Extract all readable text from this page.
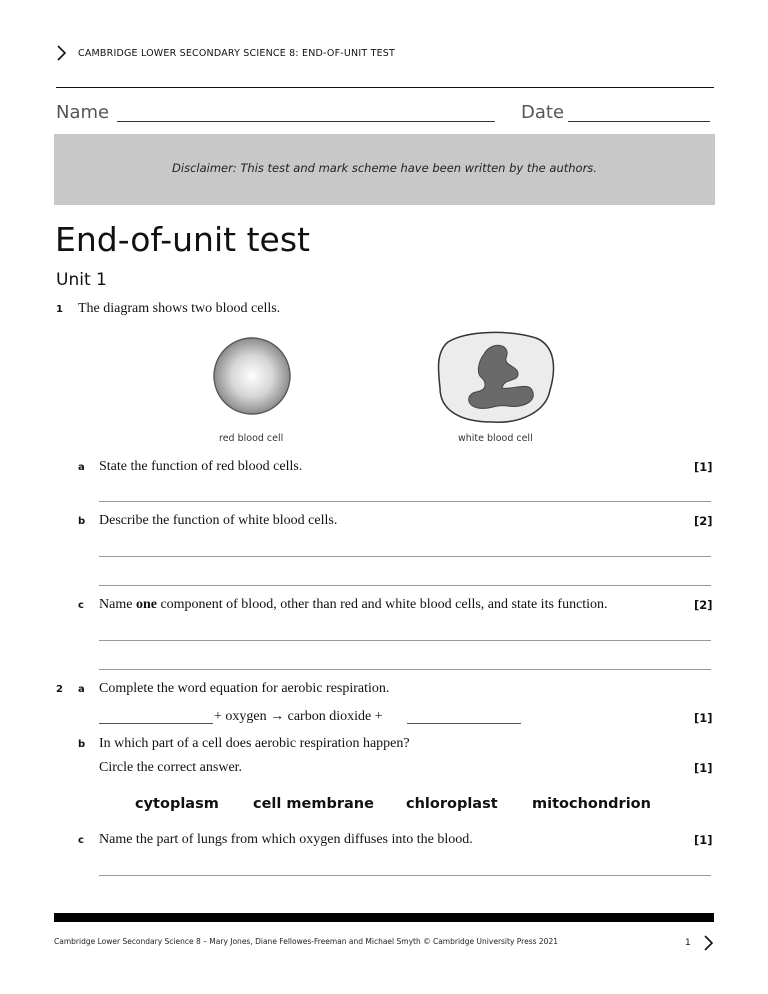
CAMBRIDGE LOWER SECONDARY SCIENCE 8: END-OF-UNIT TEST
Name	Date
Disclaimer: This test and mark scheme have been written by the authors.
End-of-unit test
Unit 1
1 The diagram shows two blood cells.
red blood cell	white blood cell
a State the function of red blood cells.	[1]
b Describe the function of white blood cells.	[2]
c Name one component of blood, other than red and white blood cells, and state its function.	[2]
2 a Complete the word equation for aerobic respiration.
+ oxygen → carbon dioxide +	[1]
b In which part of a cell does aerobic respiration happen?
Circle the correct answer.	[1]
cytoplasm cell membrane chloroplast mitochondrion
c Name the part of lungs from which oxygen diffuses into the blood.	[1]
Cambridge Lower Secondary Science 8 – Mary Jones, Diane Fellowes-Freeman and Michael Smyth © Cambridge University Press 2021	1
